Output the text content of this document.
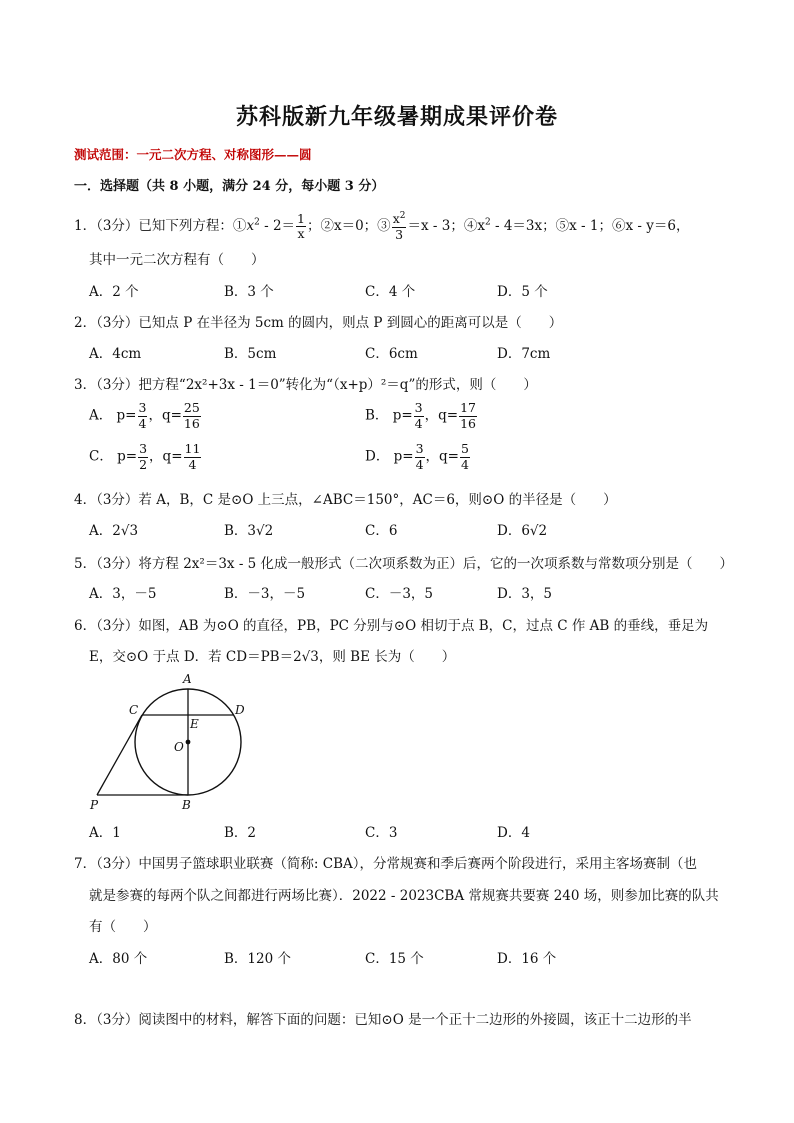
苏科版新九年级暑期成果评价卷
测试范围：一元二次方程、对称图形——圆
一．选择题（共 8 小题，满分 24 分，每小题 3 分）
1．（3分）已知下列方程：$①x^2 - 2= \frac{1}{x}$ ；②x＝0；③ $\frac{x^2}{3} =x - 3$；$④x^2 - 4=3x$；⑤x - 1；⑥x - y＝6，
其中一元二次方程有（　　）
A．2 个	B．3 个	C．4 个	D．5 个
2．（3分）已知点 P 在半径为 5cm 的圆内，则点 P 到圆心的距离可以是（　　）
A．4cm	B．5cm	C．6cm	D．7cm
3．（3分）把方程“2x²+3x - 1＝0”转化为“（x+p）²＝q”的形式，则（　　）
A． $p= \frac{3}{4}$ ，$q= \frac{25}{16}$	B． $p= \frac{3}{4}$ ，$q= \frac{17}{16}$
C． $p= \frac{3}{2}$ ，$q= \frac{11}{4}$	D． $p= \frac{3}{4}$ ，$q= \frac{5}{4}$
4．（3分）若 A，B，C 是⊙O 上三点，∠ABC＝150°，AC＝6，则⊙O 的半径是（　　）
A．2√3	B．3√2	C．6	D．6√2
5．（3分）将方程 2x²＝3x - 5 化成一般形式（二次项系数为正）后，它的一次项系数与常数项分别是（　　）
A．3，－5	B．－3，－5	C．－3，5	D．3，5
6．（3分）如图，AB 为⊙O 的直径，PB，PC 分别与⊙O 相切于点 B，C，过点 C 作 AB 的垂线，垂足为
E，交⊙O 于点 D．若 CD＝PB＝2√3，则 BE 长为（　　）
A
C
E
D
O
P	B
A．1	B．2	C．3	D．4
7．（3分）中国男子篮球职业联赛（简称: CBA），分常规赛和季后赛两个阶段进行，采用主客场赛制（也
就是参赛的每两个队之间都进行两场比赛）．2022 - 2023CBA 常规赛共要赛 240 场，则参加比赛的队共
有（　　）
A．80 个	B．120 个	C．15 个	D．16 个
8．（3分）阅读图中的材料，解答下面的问题：已知⊙O 是一个正十二边形的外接圆，该正十二边形的半
